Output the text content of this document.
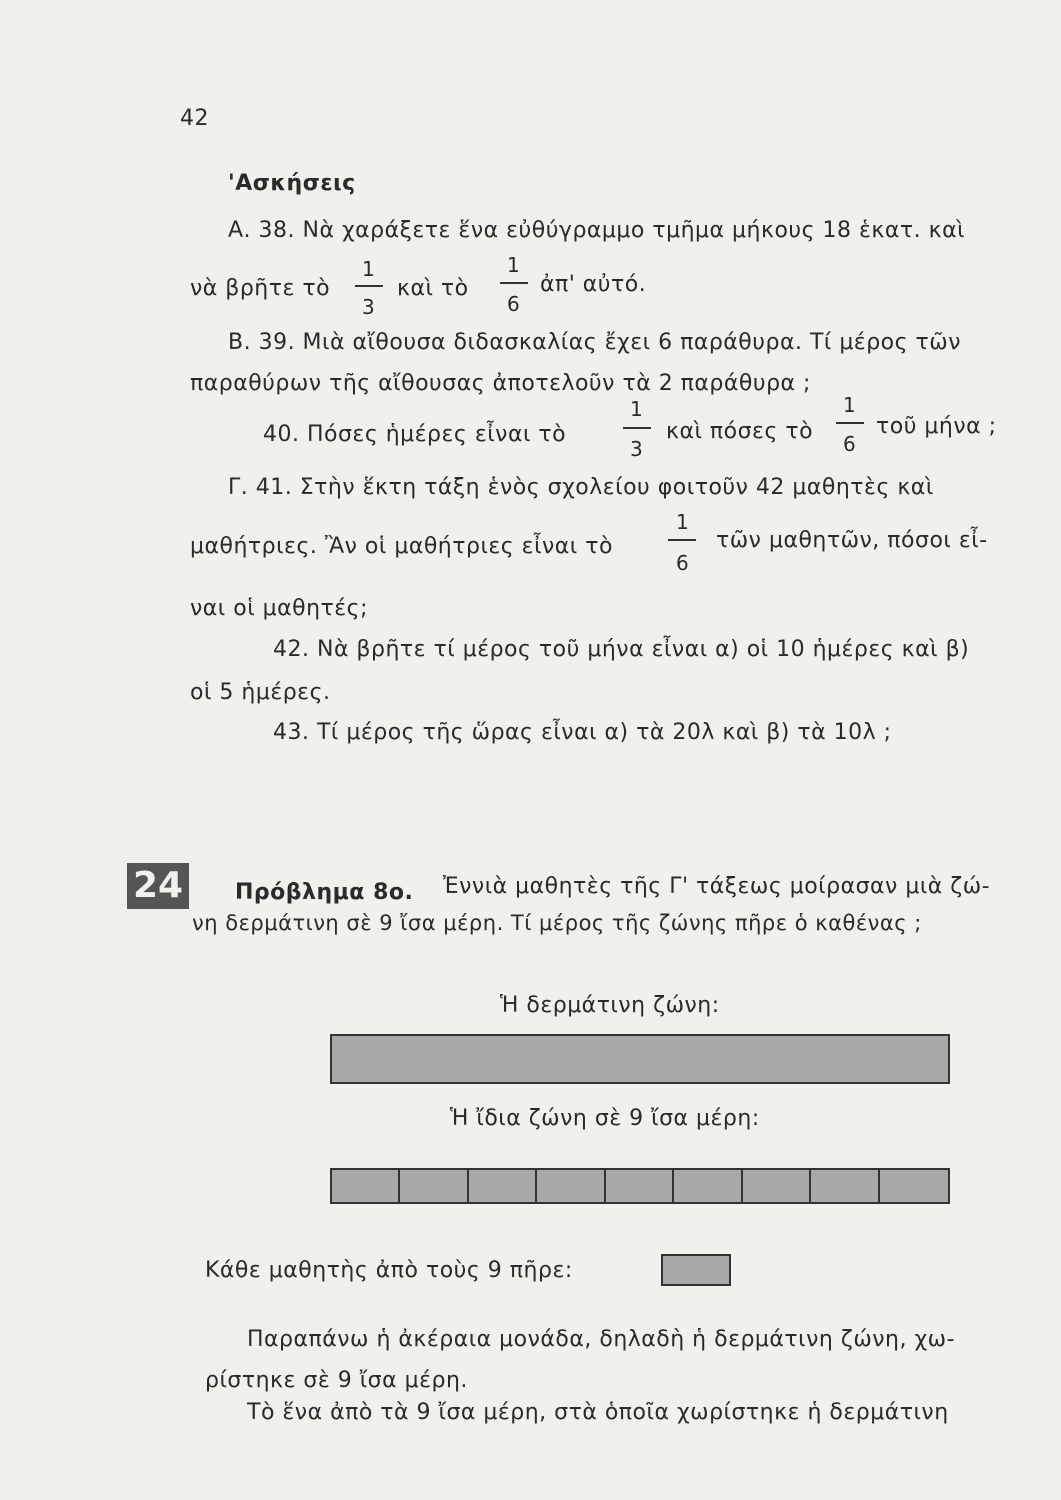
42
'Ασκήσεις
Α. 38. Νὰ χαράξετε ἕνα εὐθύγραμμο τμῆμα μήκους 18 ἑκατ. καὶ
νὰ βρῆτε τὸ
1
3
καὶ τὸ
1
6
ἀπ' αὐτό.
Β. 39. Μιὰ αἴθουσα διδασκαλίας ἔχει 6 παράθυρα. Τί μέρος τῶν
παραθύρων τῆς αἴθουσας ἀποτελοῦν τὰ 2 παράθυρα ;
40. Πόσες ἡμέρες εἶναι τὸ
1
3
καὶ πόσες τὸ
1
6
τοῦ μήνα ;
Γ. 41. Στὴν ἕκτη τάξη ἑνὸς σχολείου φοιτοῦν 42 μαθητὲς καὶ
μαθήτριες. Ἂν οἱ μαθήτριες εἶναι τὸ
1
6
τῶν μαθητῶν, πόσοι εἶ-
ναι οἱ μαθητές;
42. Νὰ βρῆτε τί μέρος τοῦ μήνα εἶναι α) οἱ 10 ἡμέρες καὶ β)
οἱ 5 ἡμέρες.
43. Τί μέρος τῆς ὥρας εἶναι α) τὰ 20λ καὶ β) τὰ 10λ ;
24 Πρόβλημα 8ο. Ἐννιὰ μαθητὲς τῆς Γ' τάξεως μοίρασαν μιὰ ζώ-
νη δερμάτινη σὲ 9 ἴσα μέρη. Τί μέρος τῆς ζώνης πῆρε ὁ καθένας ;
Ἡ δερμάτινη ζώνη:
Ἡ ἴδια ζώνη σὲ 9 ἴσα μέρη:
Κάθε μαθητὴς ἀπὸ τοὺς 9 πῆρε:
Παραπάνω ἡ ἀκέραια μονάδα, δηλαδὴ ἡ δερμάτινη ζώνη, χω-
ρίστηκε σὲ 9 ἴσα μέρη.
Τὸ ἕνα ἀπὸ τὰ 9 ἴσα μέρη, στὰ ὁποῖα χωρίστηκε ἡ δερμάτινη
